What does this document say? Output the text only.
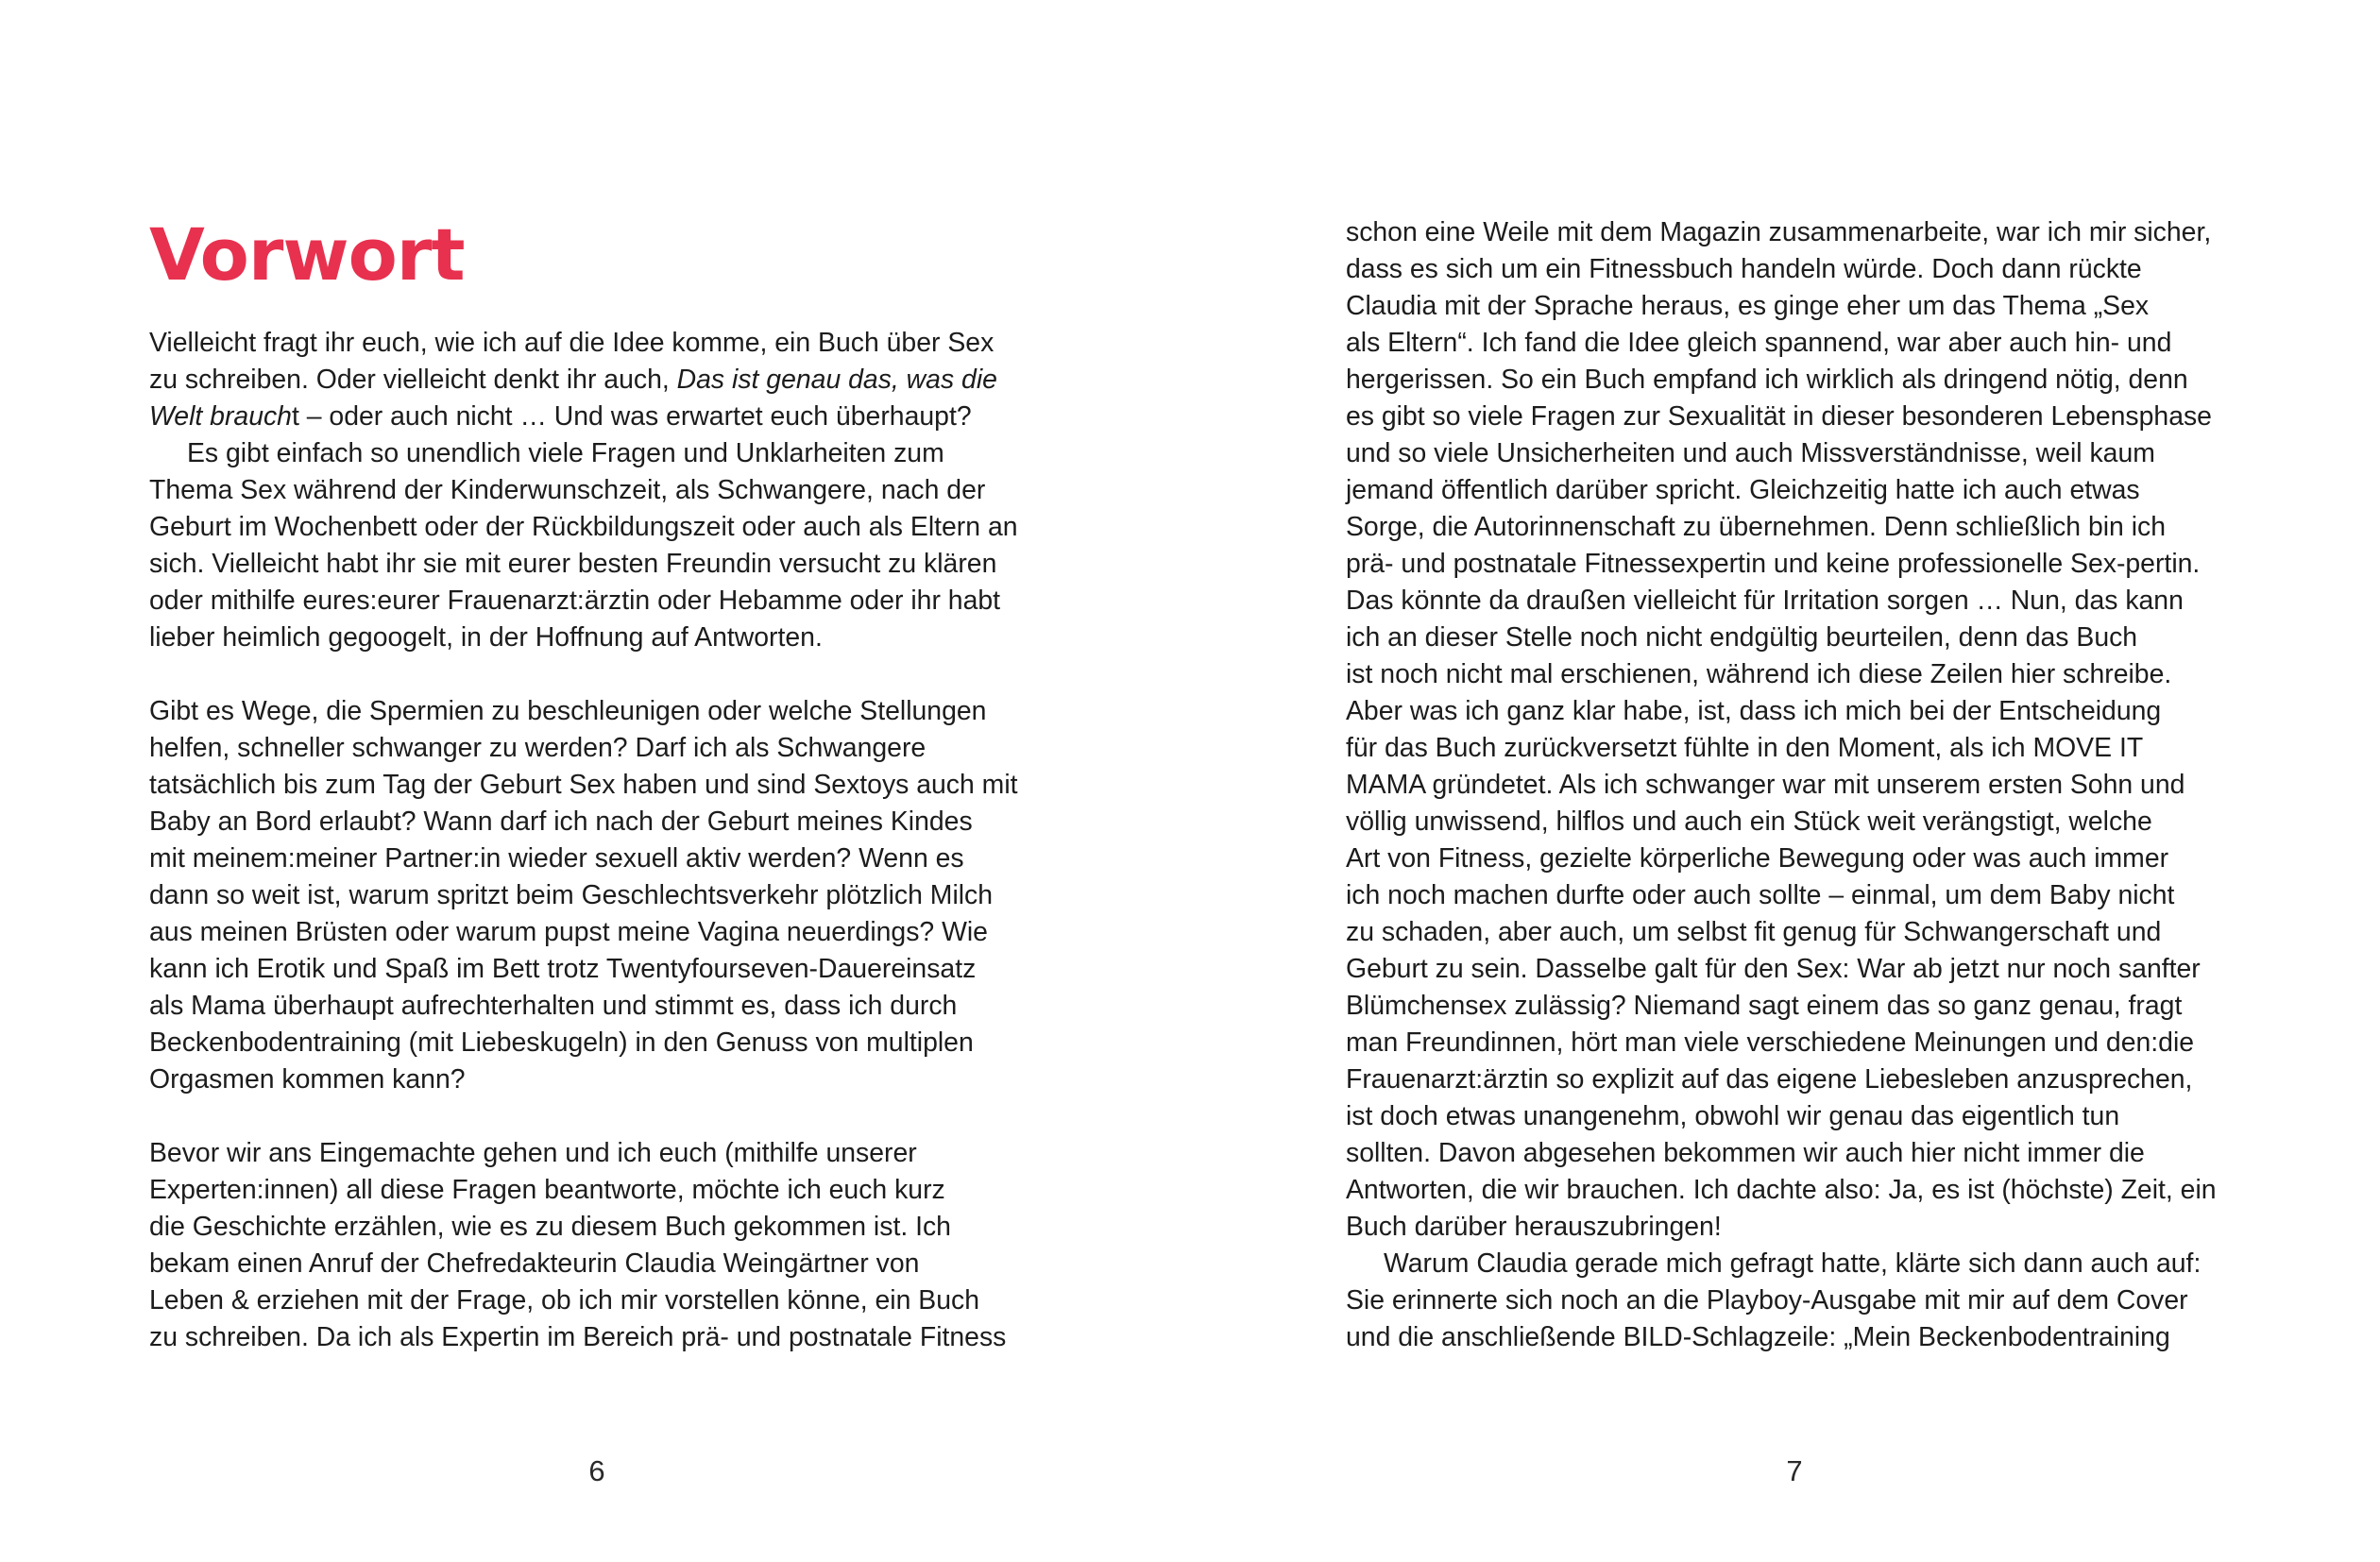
Vorwort
Vielleicht fragt ihr euch, wie ich auf die Idee komme, ein Buch über Sex
zu schreiben. Oder vielleicht denkt ihr auch, Das ist genau das, was die
Welt braucht – oder auch nicht … Und was erwartet euch überhaupt?
Es gibt einfach so unendlich viele Fragen und Unklarheiten zum
Thema Sex während der Kinderwunschzeit, als Schwangere, nach der
Geburt im Wochenbett oder der Rückbildungszeit oder auch als Eltern an
sich. Vielleicht habt ihr sie mit eurer besten Freundin versucht zu klären
oder mithilfe eures:eurer Frauenarzt:ärztin oder Hebamme oder ihr habt
lieber heimlich gegoogelt, in der Hoffnung auf Antworten.
Gibt es Wege, die Spermien zu beschleunigen oder welche Stellungen
helfen, schneller schwanger zu werden? Darf ich als Schwangere
tatsächlich bis zum Tag der Geburt Sex haben und sind Sextoys auch mit
Baby an Bord erlaubt? Wann darf ich nach der Geburt meines Kindes
mit meinem:meiner Partner:in wieder sexuell aktiv werden? Wenn es
dann so weit ist, warum spritzt beim Geschlechtsverkehr plötzlich Milch
aus meinen Brüsten oder warum pupst meine Vagina neuerdings? Wie
kann ich Erotik und Spaß im Bett trotz Twentyfourseven-Dauereinsatz
als Mama überhaupt aufrechterhalten und stimmt es, dass ich durch
Beckenbodentraining (mit Liebeskugeln) in den Genuss von multiplen
Orgasmen kommen kann?
Bevor wir ans Eingemachte gehen und ich euch (mithilfe unserer
Experten:innen) all diese Fragen beantworte, möchte ich euch kurz
die Geschichte erzählen, wie es zu diesem Buch gekommen ist. Ich
bekam einen Anruf der Chefredakteurin Claudia Weingärtner von
Leben & erziehen mit der Frage, ob ich mir vorstellen könne, ein Buch
zu schreiben. Da ich als Expertin im Bereich prä- und postnatale Fitness
6
schon eine Weile mit dem Magazin zusammenarbeite, war ich mir sicher,
dass es sich um ein Fitnessbuch handeln würde. Doch dann rückte
Claudia mit der Sprache heraus, es ginge eher um das Thema „Sex
als Eltern“. Ich fand die Idee gleich spannend, war aber auch hin- und
hergerissen. So ein Buch empfand ich wirklich als dringend nötig, denn
es gibt so viele Fragen zur Sexualität in dieser besonderen Lebensphase
und so viele Unsicherheiten und auch Missverständnisse, weil kaum
jemand öffentlich darüber spricht. Gleichzeitig hatte ich auch etwas
Sorge, die Autorinnenschaft zu übernehmen. Denn schließlich bin ich
prä- und postnatale Fitnessexpertin und keine professionelle Sex-pertin.
Das könnte da draußen vielleicht für Irritation sorgen … Nun, das kann
ich an dieser Stelle noch nicht endgültig beurteilen, denn das Buch
ist noch nicht mal erschienen, während ich diese Zeilen hier schreibe.
Aber was ich ganz klar habe, ist, dass ich mich bei der Entscheidung
für das Buch zurückversetzt fühlte in den Moment, als ich MOVE IT
MAMA gründetet. Als ich schwanger war mit unserem ersten Sohn und
völlig unwissend, hilflos und auch ein Stück weit verängstigt, welche
Art von Fitness, gezielte körperliche Bewegung oder was auch immer
ich noch machen durfte oder auch sollte – einmal, um dem Baby nicht
zu schaden, aber auch, um selbst fit genug für Schwangerschaft und
Geburt zu sein. Dasselbe galt für den Sex: War ab jetzt nur noch sanfter
Blümchensex zulässig? Niemand sagt einem das so ganz genau, fragt
man Freundinnen, hört man viele verschiedene Meinungen und den:die
Frauenarzt:ärztin so explizit auf das eigene Liebesleben anzusprechen,
ist doch etwas unangenehm, obwohl wir genau das eigentlich tun
sollten. Davon abgesehen bekommen wir auch hier nicht immer die
Antworten, die wir brauchen. Ich dachte also: Ja, es ist (höchste) Zeit, ein
Buch darüber herauszubringen!
Warum Claudia gerade mich gefragt hatte, klärte sich dann auch auf:
Sie erinnerte sich noch an die Playboy-Ausgabe mit mir auf dem Cover
und die anschließende BILD-Schlagzeile: „Mein Beckenbodentraining
7
